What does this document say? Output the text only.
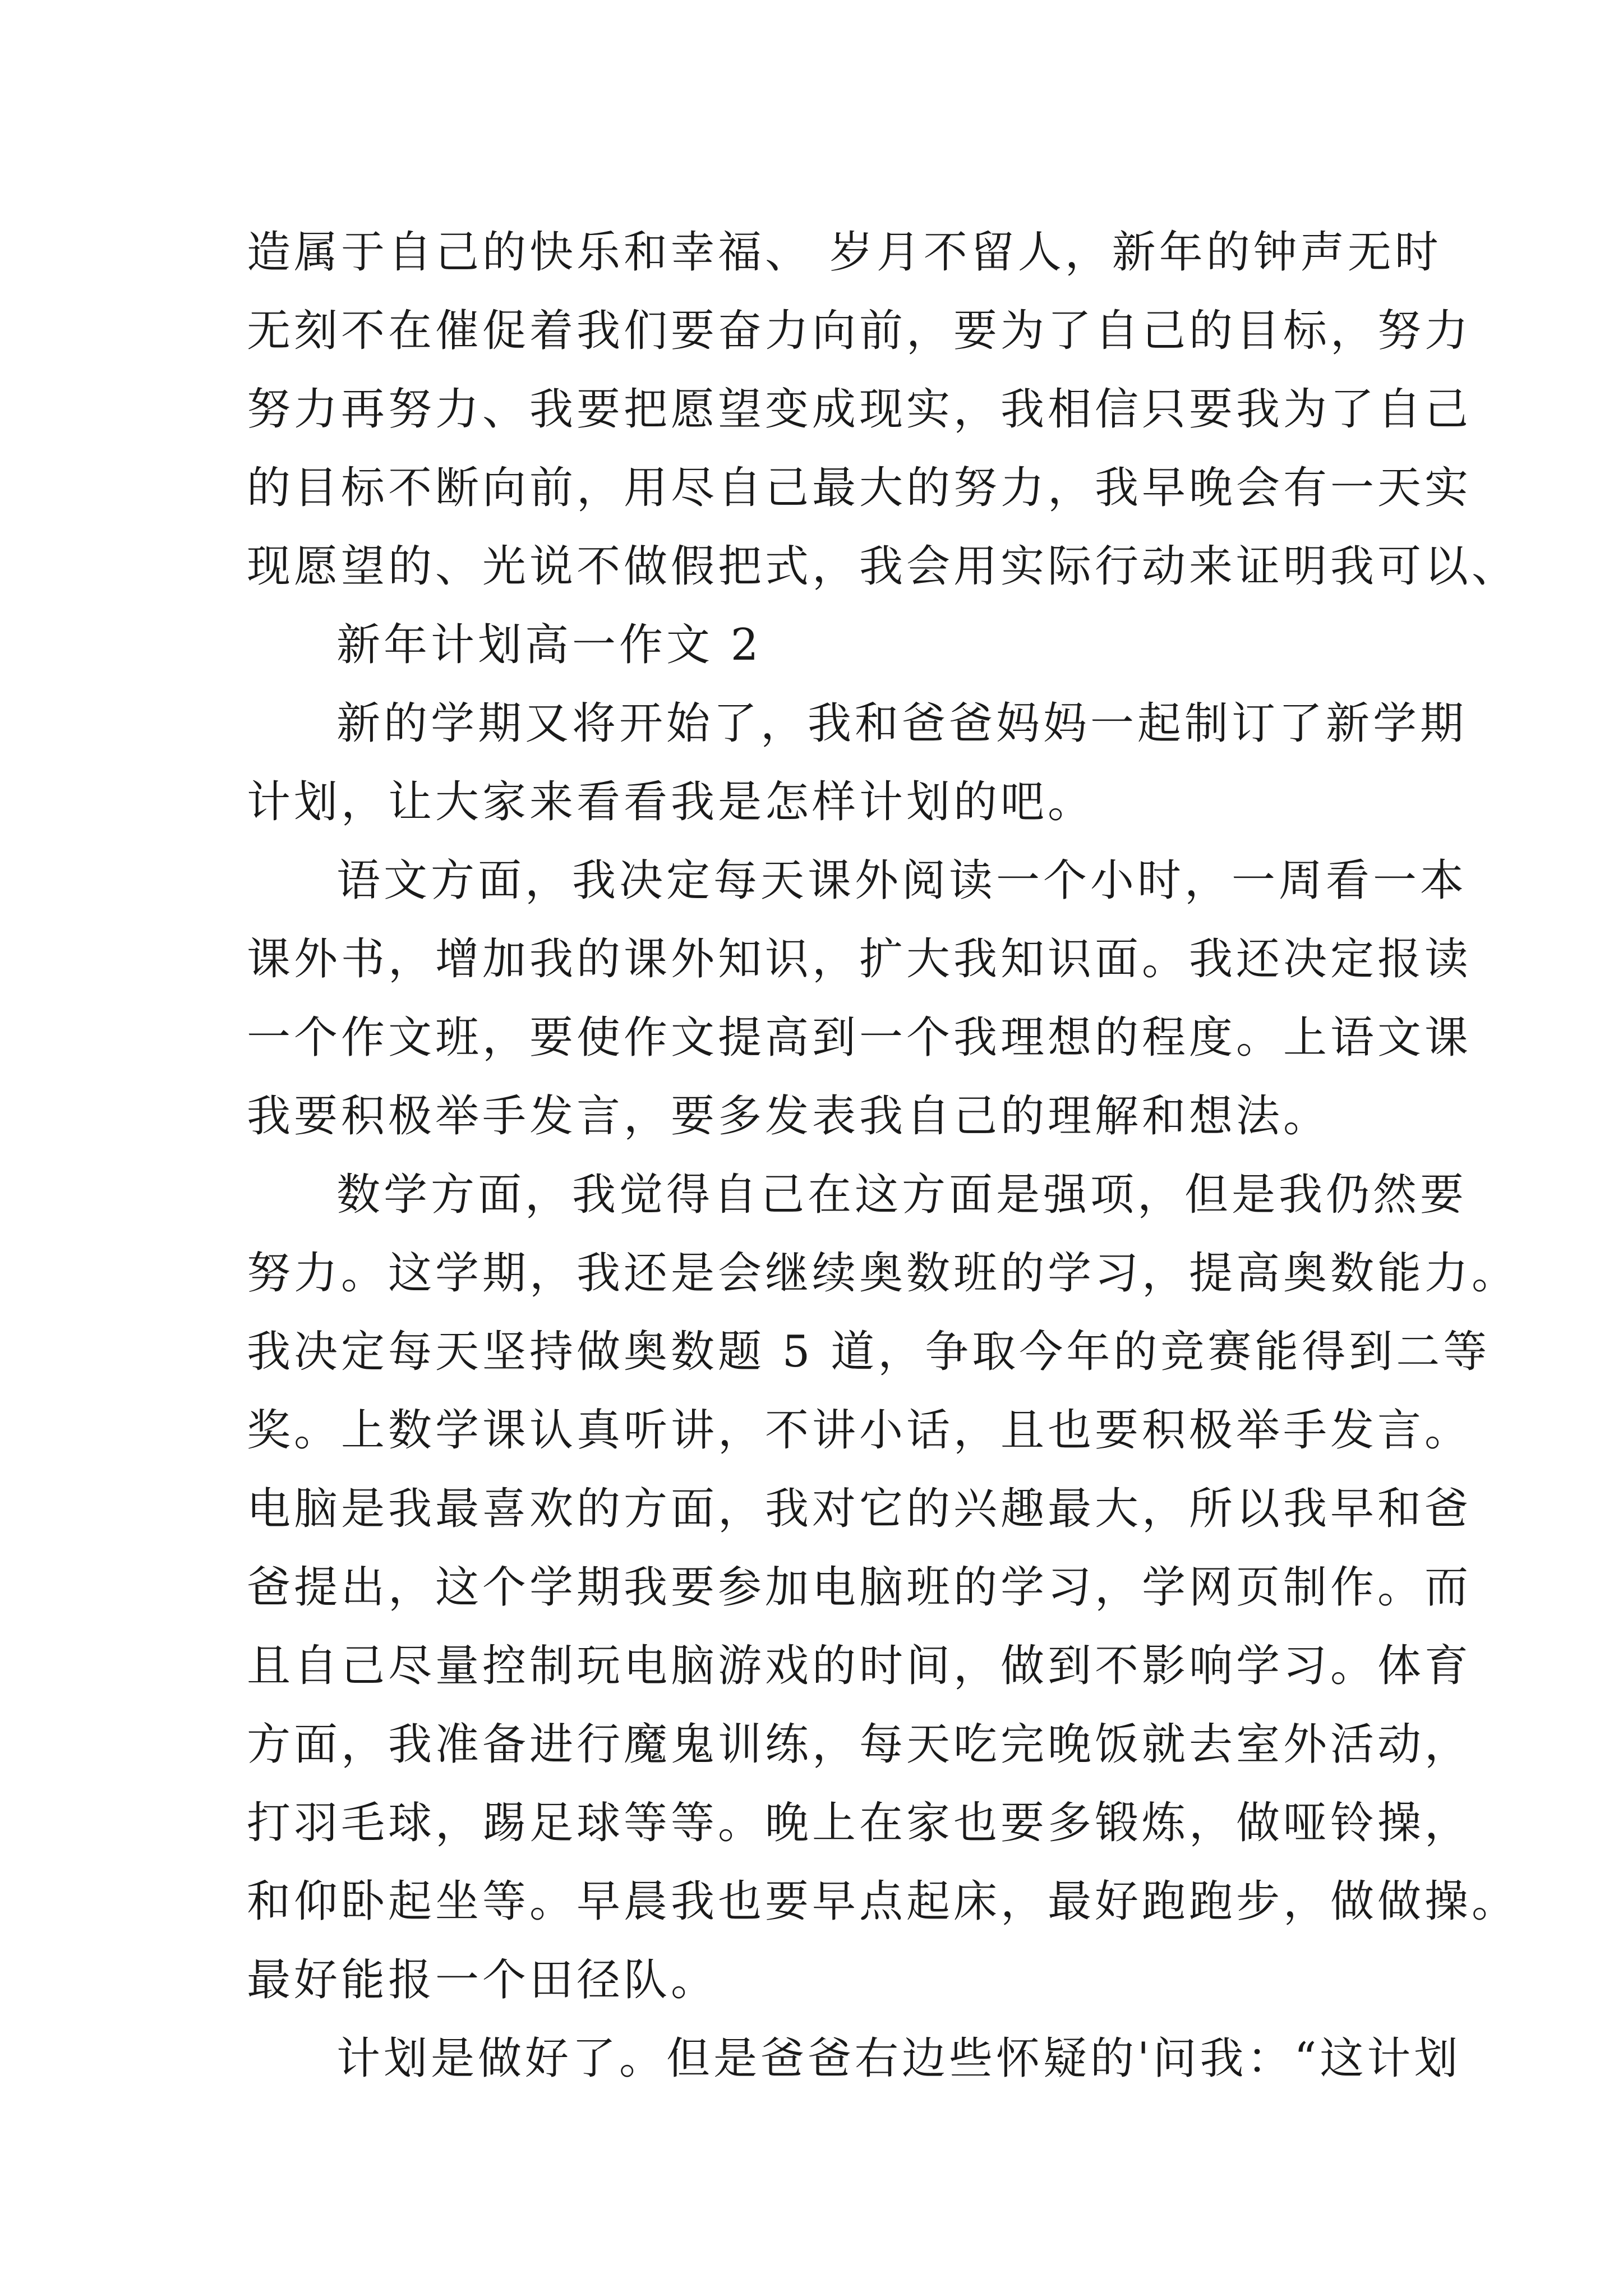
造属于自己的快乐和幸福、 岁月不留人，新年的钟声无时
无刻不在催促着我们要奋力向前，要为了自己的目标，努力
努力再努力、我要把愿望变成现实，我相信只要我为了自己
的目标不断向前，用尽自己最大的努力，我早晚会有一天实
现愿望的、光说不做假把式，我会用实际行动来证明我可以、
新年计划高一作文 2
新的学期又将开始了，我和爸爸妈妈一起制订了新学期
计划，让大家来看看我是怎样计划的吧。
语文方面，我决定每天课外阅读一个小时，一周看一本
课外书，增加我的课外知识，扩大我知识面。我还决定报读
一个作文班，要使作文提高到一个我理想的程度。上语文课
我要积极举手发言，要多发表我自己的理解和想法。
数学方面，我觉得自己在这方面是强项，但是我仍然要
努力。这学期，我还是会继续奥数班的学习，提高奥数能力。
我决定每天坚持做奥数题 5 道，争取今年的竞赛能得到二等
奖。上数学课认真听讲，不讲小话，且也要积极举手发言。
电脑是我最喜欢的方面，我对它的兴趣最大，所以我早和爸
爸提出，这个学期我要参加电脑班的学习，学网页制作。而
且自己尽量控制玩电脑游戏的时间，做到不影响学习。体育
方面，我准备进行魔鬼训练，每天吃完晚饭就去室外活动，
打羽毛球，踢足球等等。晚上在家也要多锻炼，做哑铃操，
和仰卧起坐等。早晨我也要早点起床，最好跑跑步，做做操。
最好能报一个田径队。
计划是做好了。但是爸爸右边些怀疑的'问我：“这计划
